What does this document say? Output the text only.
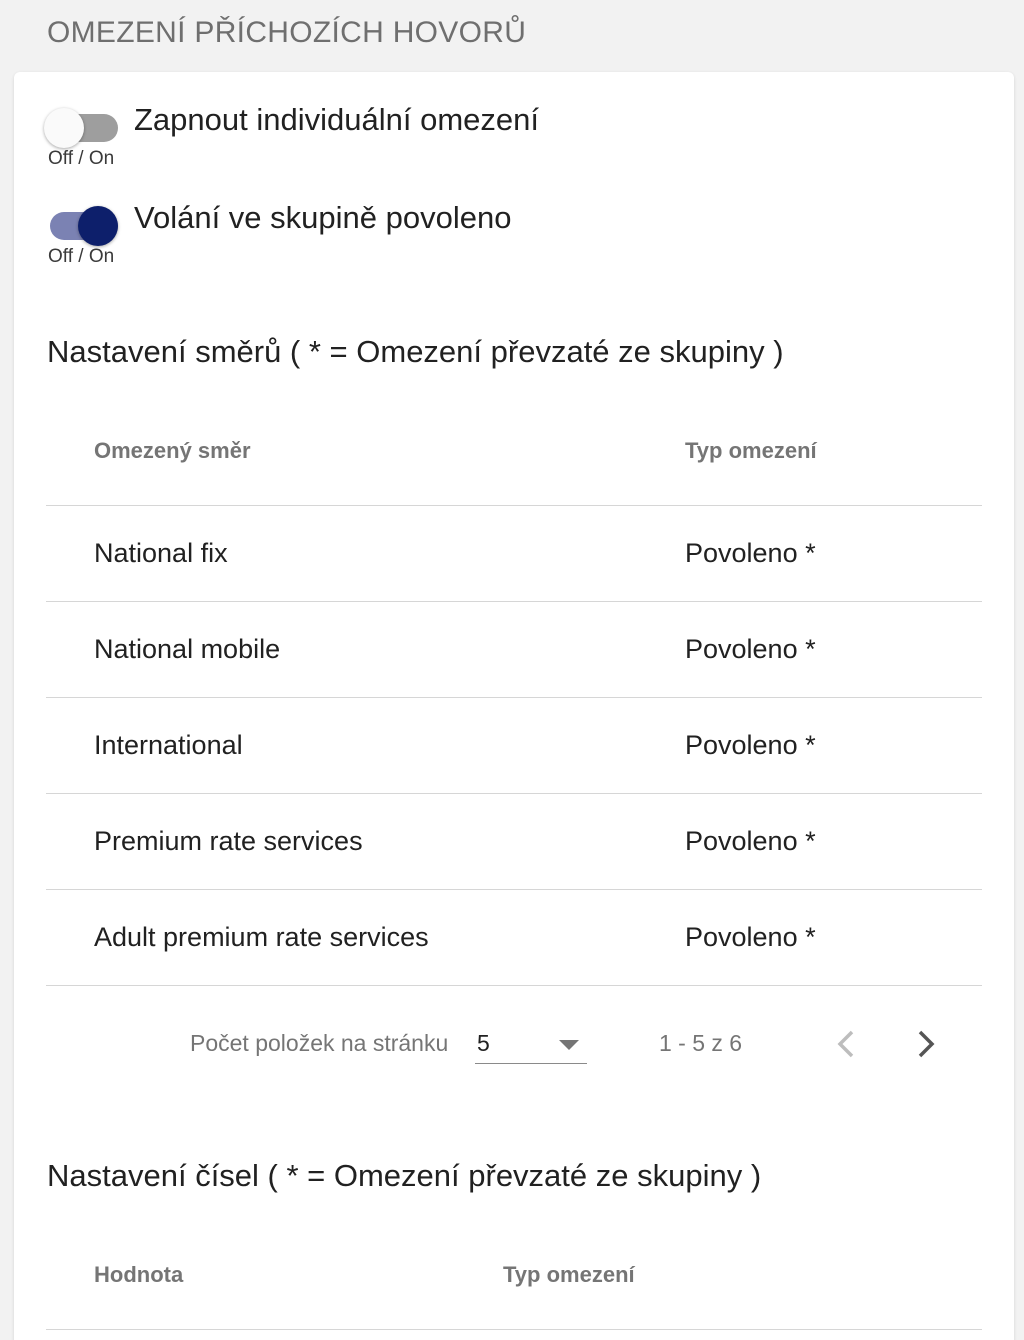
OMEZENÍ PŘÍCHOZÍCH HOVORŮ
Zapnout individuální omezení
Off / On
Volání ve skupině povoleno
Off / On
Nastavení směrů ( * = Omezení převzaté ze skupiny )
Omezený směr	Typ omezení
National fix	Povoleno *
National mobile	Povoleno *
International	Povoleno *
Premium rate services	Povoleno *
Adult premium rate services	Povoleno *
Počet položek na stránku 5	1 - 5 z 6
Nastavení čísel ( * = Omezení převzaté ze skupiny )
Hodnota	Typ omezení
